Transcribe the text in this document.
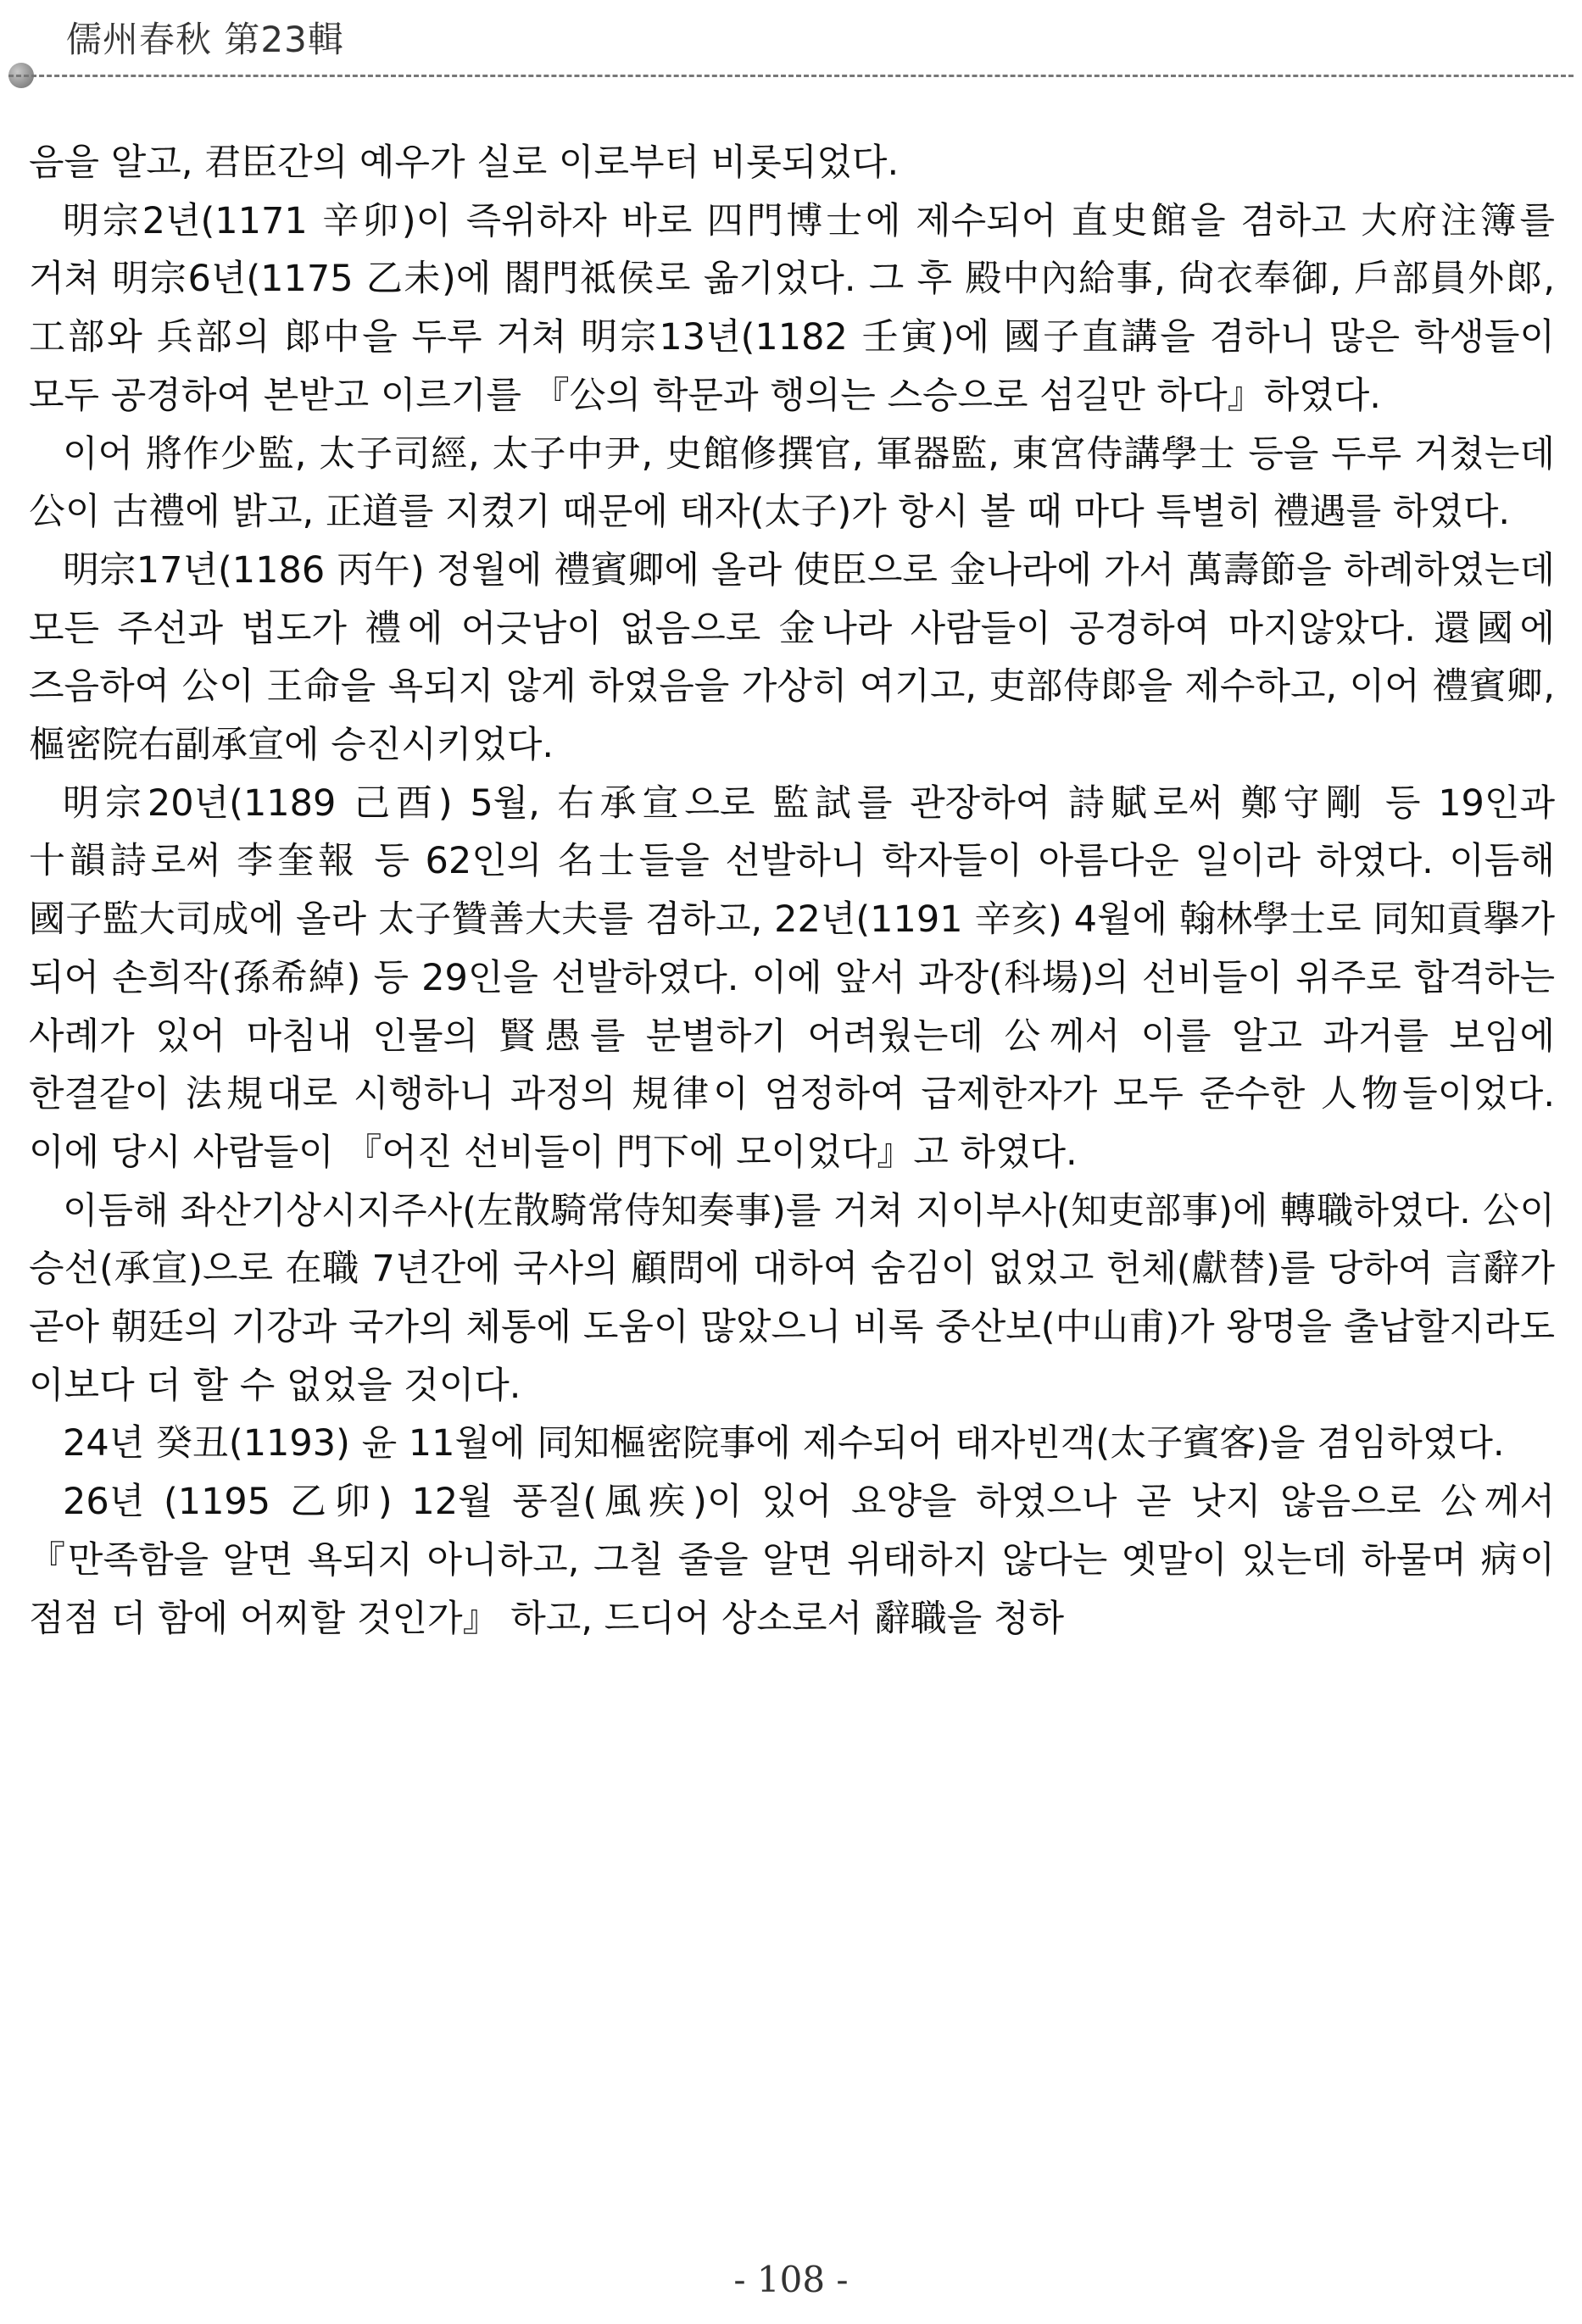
儒州春秋 第23輯

음을 알고, 君臣간의 예우가 실로 이로부터 비롯되었다.

明宗2년(1171 辛卯)이 즉위하자 바로 四門博士에 제수되어 直史館을 겸하고 大府注簿를 거쳐 明宗6년(1175 乙未)에 閤門祗侯로 옮기었다. 그 후 殿中內給事, 尙衣奉御, 戶部員外郞, 工部와 兵部의 郞中을 두루 거쳐 明宗13년(1182 壬寅)에 國子直講을 겸하니 많은 학생들이 모두 공경하여 본받고 이르기를 『公의 학문과 행의는 스승으로 섬길만 하다』하였다.

이어 將作少監, 太子司經, 太子中尹, 史館修撰官, 軍器監, 東宮侍講學士 등을 두루 거쳤는데 公이 古禮에 밝고, 正道를 지켰기 때문에 태자(太子)가 항시 볼 때 마다 특별히 禮遇를 하였다.

明宗17년(1186 丙午) 정월에 禮賓卿에 올라 使臣으로 金나라에 가서 萬壽節을 하례하였는데 모든 주선과 법도가 禮에 어긋남이 없음으로 金나라 사람들이 공경하여 마지않았다. 還國에 즈음하여 公이 王命을 욕되지 않게 하였음을 가상히 여기고, 吏部侍郞을 제수하고, 이어 禮賓卿, 樞密院右副承宣에 승진시키었다.

明宗20년(1189 己酉) 5월, 右承宣으로 監試를 관장하여 詩賦로써 鄭守剛 등 19인과 十韻詩로써 李奎報 등 62인의 名士들을 선발하니 학자들이 아름다운 일이라 하였다. 이듬해 國子監大司成에 올라 太子贊善大夫를 겸하고, 22년(1191 辛亥) 4월에 翰林學士로 同知貢擧가 되어 손희작(孫希綽) 등 29인을 선발하였다. 이에 앞서 과장(科場)의 선비들이 위주로 합격하는 사례가 있어 마침내 인물의 賢愚를 분별하기 어려웠는데 公께서 이를 알고 과거를 보임에 한결같이 法規대로 시행하니 과정의 規律이 엄정하여 급제한자가 모두 준수한 人物들이었다. 이에 당시 사람들이 『어진 선비들이 門下에 모이었다』고 하였다.

이듬해 좌산기상시지주사(左散騎常侍知奏事)를 거쳐 지이부사(知吏部事)에 轉職하였다. 公이 승선(承宣)으로 在職 7년간에 국사의 顧問에 대하여 숨김이 없었고 헌체(獻替)를 당하여 言辭가 곧아 朝廷의 기강과 국가의 체통에 도움이 많았으니 비록 중산보(中山甫)가 왕명을 출납할지라도 이보다 더 할 수 없었을 것이다.

24년 癸丑(1193) 윤 11월에 同知樞密院事에 제수되어 태자빈객(太子賓客)을 겸임하였다.

26년 (1195 乙卯) 12월 풍질(風疾)이 있어 요양을 하였으나 곧 낫지 않음으로 公께서 『만족함을 알면 욕되지 아니하고, 그칠 줄을 알면 위태하지 않다는 옛말이 있는데 하물며 病이 점점 더 함에 어찌할 것인가』 하고, 드디어 상소로서 辭職을 청하

- 108 -
